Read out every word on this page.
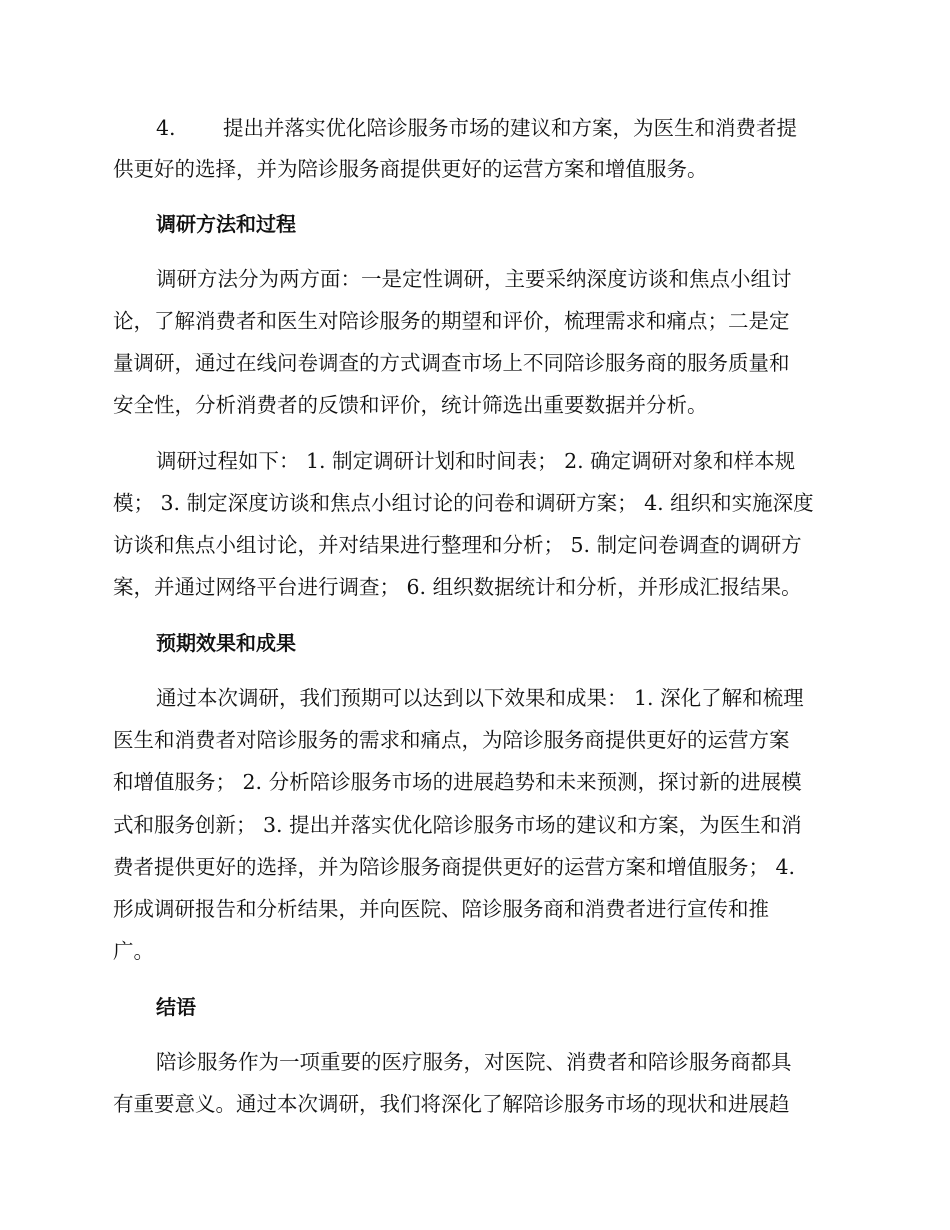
4. 提出并落实优化陪诊服务市场的建议和方案，为医生和消费者提
供更好的选择，并为陪诊服务商提供更好的运营方案和增值服务。
调研方法和过程
调研方法分为两方面：一是定性调研，主要采纳深度访谈和焦点小组讨
论，了解消费者和医生对陪诊服务的期望和评价，梳理需求和痛点；二是定
量调研，通过在线问卷调查的方式调查市场上不同陪诊服务商的服务质量和
安全性，分析消费者的反馈和评价，统计筛选出重要数据并分析。
调研过程如下： 1. 制定调研计划和时间表； 2. 确定调研对象和样本规
模； 3. 制定深度访谈和焦点小组讨论的问卷和调研方案； 4. 组织和实施深度
访谈和焦点小组讨论，并对结果进行整理和分析； 5. 制定问卷调查的调研方
案，并通过网络平台进行调查； 6. 组织数据统计和分析，并形成汇报结果。
预期效果和成果
通过本次调研，我们预期可以达到以下效果和成果： 1. 深化了解和梳理
医生和消费者对陪诊服务的需求和痛点，为陪诊服务商提供更好的运营方案
和增值服务； 2. 分析陪诊服务市场的进展趋势和未来预测，探讨新的进展模
式和服务创新； 3. 提出并落实优化陪诊服务市场的建议和方案，为医生和消
费者提供更好的选择，并为陪诊服务商提供更好的运营方案和增值服务； 4.
形成调研报告和分析结果，并向医院、陪诊服务商和消费者进行宣传和推
广。
结语
陪诊服务作为一项重要的医疗服务，对医院、消费者和陪诊服务商都具
有重要意义。通过本次调研，我们将深化了解陪诊服务市场的现状和进展趋
